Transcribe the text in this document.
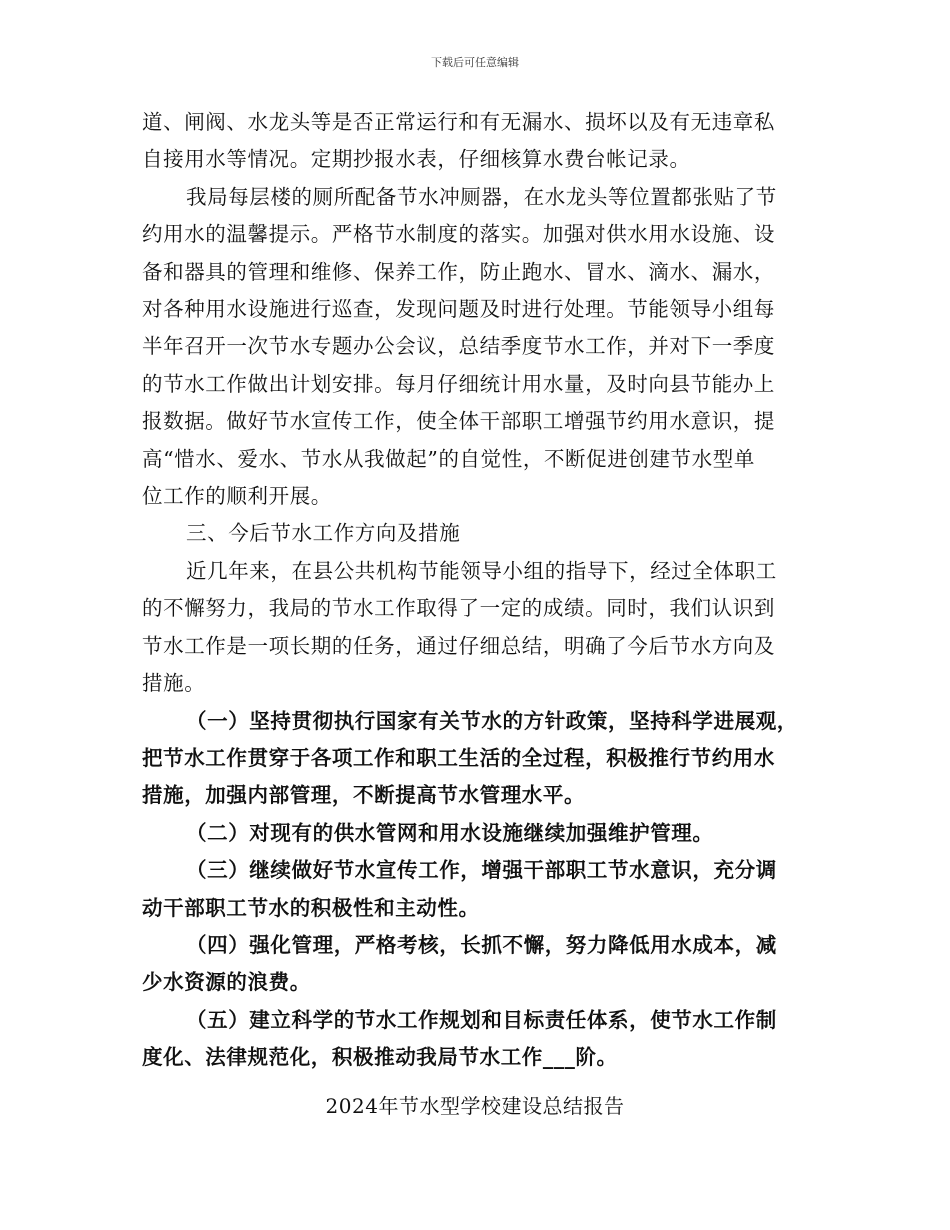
下载后可任意编辑
道、闸阀、水龙头等是否正常运行和有无漏水、损坏以及有无违章私
自接用水等情况。定期抄报水表，仔细核算水费台帐记录。
我局每层楼的厕所配备节水冲厕器，在水龙头等位置都张贴了节
约用水的温馨提示。严格节水制度的落实。加强对供水用水设施、设
备和器具的管理和维修、保养工作，防止跑水、冒水、滴水、漏水，
对各种用水设施进行巡查，发现问题及时进行处理。节能领导小组每
半年召开一次节水专题办公会议，总结季度节水工作，并对下一季度
的节水工作做出计划安排。每月仔细统计用水量，及时向县节能办上
报数据。做好节水宣传工作，使全体干部职工增强节约用水意识，提
高“惜水、爱水、节水从我做起”的自觉性，不断促进创建节水型单
位工作的顺利开展。
三、今后节水工作方向及措施
近几年来，在县公共机构节能领导小组的指导下，经过全体职工
的不懈努力，我局的节水工作取得了一定的成绩。同时，我们认识到
节水工作是一项长期的任务，通过仔细总结，明确了今后节水方向及
措施。
（一）坚持贯彻执行国家有关节水的方针政策，坚持科学进展观，
把节水工作贯穿于各项工作和职工生活的全过程，积极推行节约用水
措施，加强内部管理，不断提高节水管理水平。
（二）对现有的供水管网和用水设施继续加强维护管理。
（三）继续做好节水宣传工作，增强干部职工节水意识，充分调
动干部职工节水的积极性和主动性。
（四）强化管理，严格考核，长抓不懈，努力降低用水成本，减
少水资源的浪费。
（五）建立科学的节水工作规划和目标责任体系，使节水工作制
度化、法律规范化，积极推动我局节水工作___阶。
2024年节水型学校建设总结报告
